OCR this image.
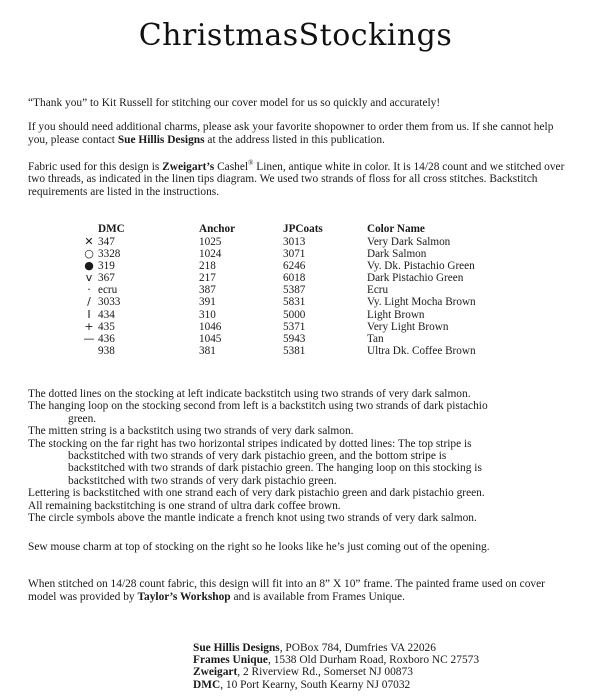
ChristmasStockings

“Thank you” to Kit Russell for stitching our cover model for us so quickly and accurately!

If you should need additional charms, please ask your favorite shopowner to order them from us. If she cannot help you, please contact Sue Hillis Designs at the address listed in this publication.

Fabric used for this design is Zweigart’s Cashel® Linen, antique white in color. It is 14/28 count and we stitched over two threads, as indicated in the linen tips diagram. We used two strands of floss for all cross stitches. Backstitch requirements are listed in the instructions.

	DMC	Anchor	JPCoats	Color Name
✕	347	1025	3013	Very Dark Salmon
○	3328	1024	3071	Dark Salmon
●	319	218	6246	Vy. Dk. Pistachio Green
v	367	217	6018	Dark Pistachio Green
·	ecru	387	5387	Ecru
/	3033	391	5831	Vy. Light Mocha Brown
I	434	310	5000	Light Brown
+	435	1046	5371	Very Light Brown
—	436	1045	5943	Tan
	938	381	5381	Ultra Dk. Coffee Brown
The dotted lines on the stocking at left indicate backstitch using two strands of very dark salmon.
The hanging loop on the stocking second from left is a backstitch using two strands of dark pistachio
green.
The mitten string is a backstitch using two strands of very dark salmon.
The stocking on the far right has two horizontal stripes indicated by dotted lines: The top stripe is
backstitched with two strands of very dark pistachio green, and the bottom stripe is
backstitched with two strands of dark pistachio green. The hanging loop on this stocking is
backstitched with two strands of very dark pistachio green.
Lettering is backstitched with one strand each of very dark pistachio green and dark pistachio green.
All remaining backstitching is one strand of ultra dark coffee brown.
The circle symbols above the mantle indicate a french knot using two strands of very dark salmon.

Sew mouse charm at top of stocking on the right so he looks like he’s just coming out of the opening.

When stitched on 14/28 count fabric, this design will fit into an 8” X 10” frame. The painted frame used on cover model was provided by Taylor’s Workshop and is available from Frames Unique.

Sue Hillis Designs, POBox 784, Dumfries VA 22026
Frames Unique, 1538 Old Durham Road, Roxboro NC 27573
Zweigart, 2 Riverview Rd., Somerset NJ 00873
DMC, 10 Port Kearny, South Kearny NJ 07032
